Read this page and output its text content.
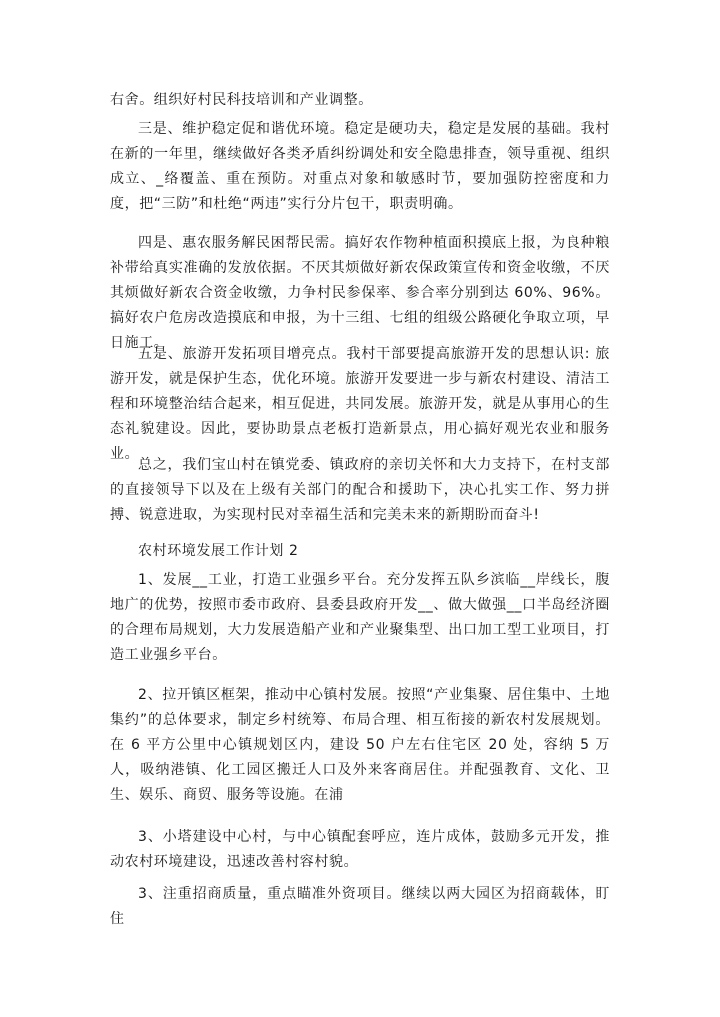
右舍。组织好村民科技培训和产业调整。

三是、维护稳定促和谐优环境。稳定是硬功夫，稳定是发展的基础。我村在新的一年里，继续做好各类矛盾纠纷调处和安全隐患排查，领导重视、组织成立、_络覆盖、重在预防。对重点对象和敏感时节，要加强防控密度和力度，把“三防”和杜绝“两违”实行分片包干，职责明确。

四是、惠农服务解民困帮民需。搞好农作物种植面积摸底上报，为良种粮补带给真实准确的发放依据。不厌其烦做好新农保政策宣传和资金收缴，不厌其烦做好新农合资金收缴，力争村民参保率、参合率分别到达 60%、96%。搞好农户危房改造摸底和申报，为十三组、七组的组级公路硬化争取立项，早日施工。

五是、旅游开发拓项目增亮点。我村干部要提高旅游开发的思想认识: 旅游开发，就是保护生态，优化环境。旅游开发要进一步与新农村建设、清洁工程和环境整治结合起来，相互促进，共同发展。旅游开发，就是从事用心的生态礼貌建设。因此，要协助景点老板打造新景点，用心搞好观光农业和服务业。

总之，我们宝山村在镇党委、镇政府的亲切关怀和大力支持下，在村支部的直接领导下以及在上级有关部门的配合和援助下，决心扎实工作、努力拼搏、锐意进取，为实现村民对幸福生活和完美未来的新期盼而奋斗!

农村环境发展工作计划 2

1、发展__工业，打造工业强乡平台。充分发挥五队乡滨临__岸线长，腹地广的优势，按照市委市政府、县委县政府开发__、做大做强__口半岛经济圈的合理布局规划，大力发展造船产业和产业聚集型、出口加工型工业项目，打造工业强乡平台。

2、拉开镇区框架，推动中心镇村发展。按照“产业集聚、居住集中、土地集约”的总体要求，制定乡村统筹、布局合理、相互衔接的新农村发展规划。在 6 平方公里中心镇规划区内，建设 50 户左右住宅区 20 处，容纳 5 万人，吸纳港镇、化工园区搬迁人口及外来客商居住。并配强教育、文化、卫生、娱乐、商贸、服务等设施。在浦

3、小塔建设中心村，与中心镇配套呼应，连片成体，鼓励多元开发，推动农村环境建设，迅速改善村容村貌。

3、注重招商质量，重点瞄准外资项目。继续以两大园区为招商载体，盯住
